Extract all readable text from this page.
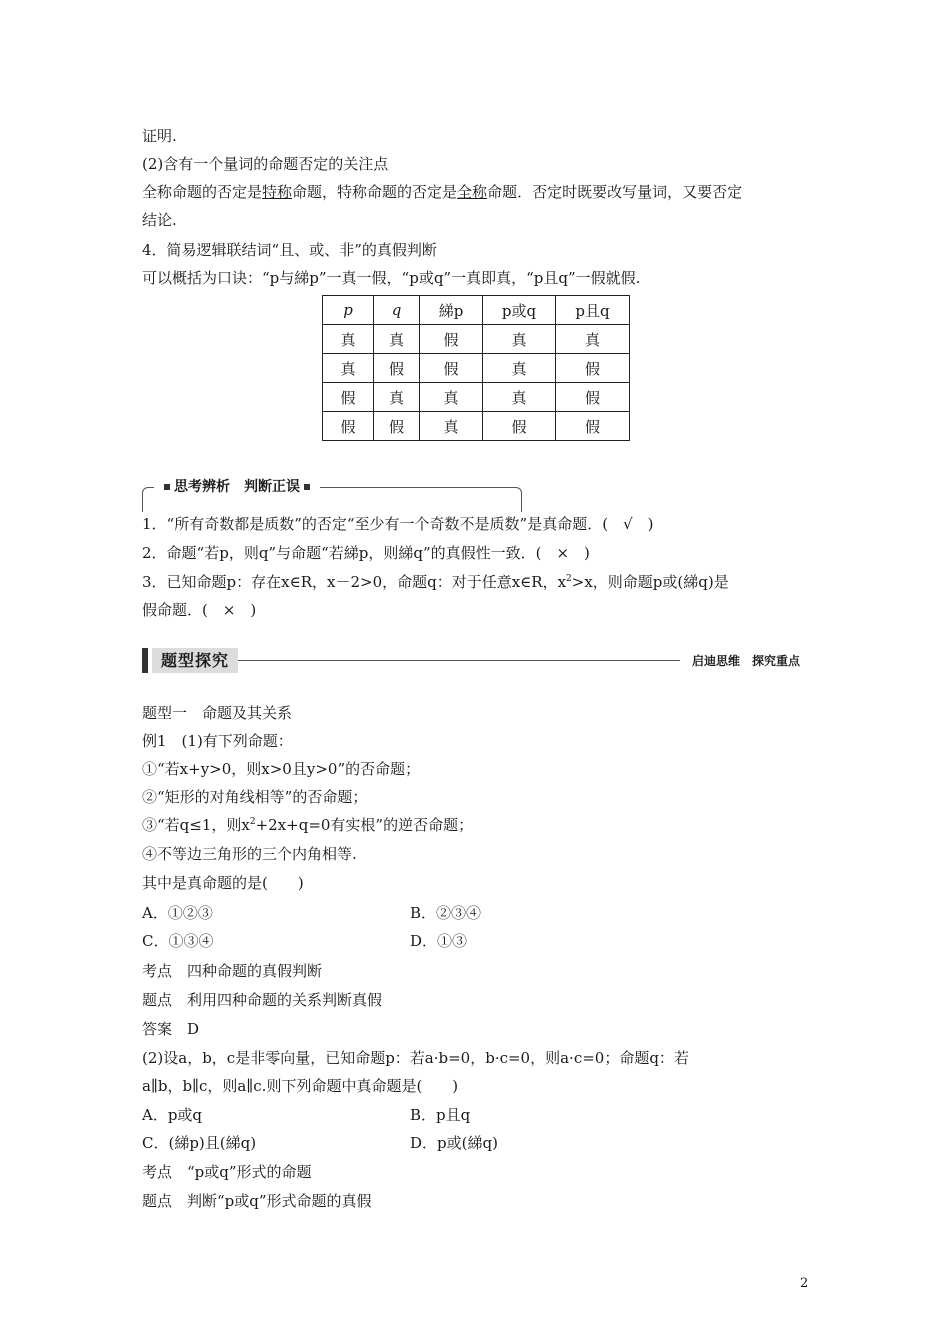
证明.
(2)含有一个量词的命题否定的关注点
全称命题的否定是特称命题，特称命题的否定是全称命题．否定时既要改写量词，又要否定
结论.
4．简易逻辑联结词“且、或、非”的真假判断
可以概括为口诀：“p与綈p”一真一假，“p或q”一真即真，“p且q”一假就假.
p	q	綈p	p或q	p且q
真	真	假	真	真
真	假	假	真	假
假	真	真	真	假
假	假	真	假	假
思考辨析　判断正误
1．“所有奇数都是质数”的否定“至少有一个奇数不是质数”是真命题．(　√　)
2．命题“若p，则q”与命题“若綈p，则綈q”的真假性一致．(　×　)
3．已知命题p：存在x∈R，x－2>0，命题q：对于任意x∈R，$x^2>x$，则命题p或(綈q)是
假命题．(　×　)
题型探究	启迪思维　探究重点
题型一　命题及其关系
例1　(1)有下列命题：
①“若x+y>0，则x>0且y>0”的否命题；
②“矩形的对角线相等”的否命题；
③“若q≤1，则$x^2+2x+q=0$有实根”的逆否命题；
④不等边三角形的三个内角相等.
其中是真命题的是(　　)
A．①②③	B．②③④
C．①③④	D．①③
考点　四种命题的真假判断
题点　利用四种命题的关系判断真假
答案　D
(2)设a，b，c是非零向量，已知命题p：若a·b=0，b·c=0，则a·c=0；命题q：若
a∥b，b∥c，则a∥c.则下列命题中真命题是(　　)
A．p或q	B．p且q
C．(綈p)且(綈q)	D．p或(綈q)
考点　“p或q”形式的命题
题点　判断“p或q”形式命题的真假
2
